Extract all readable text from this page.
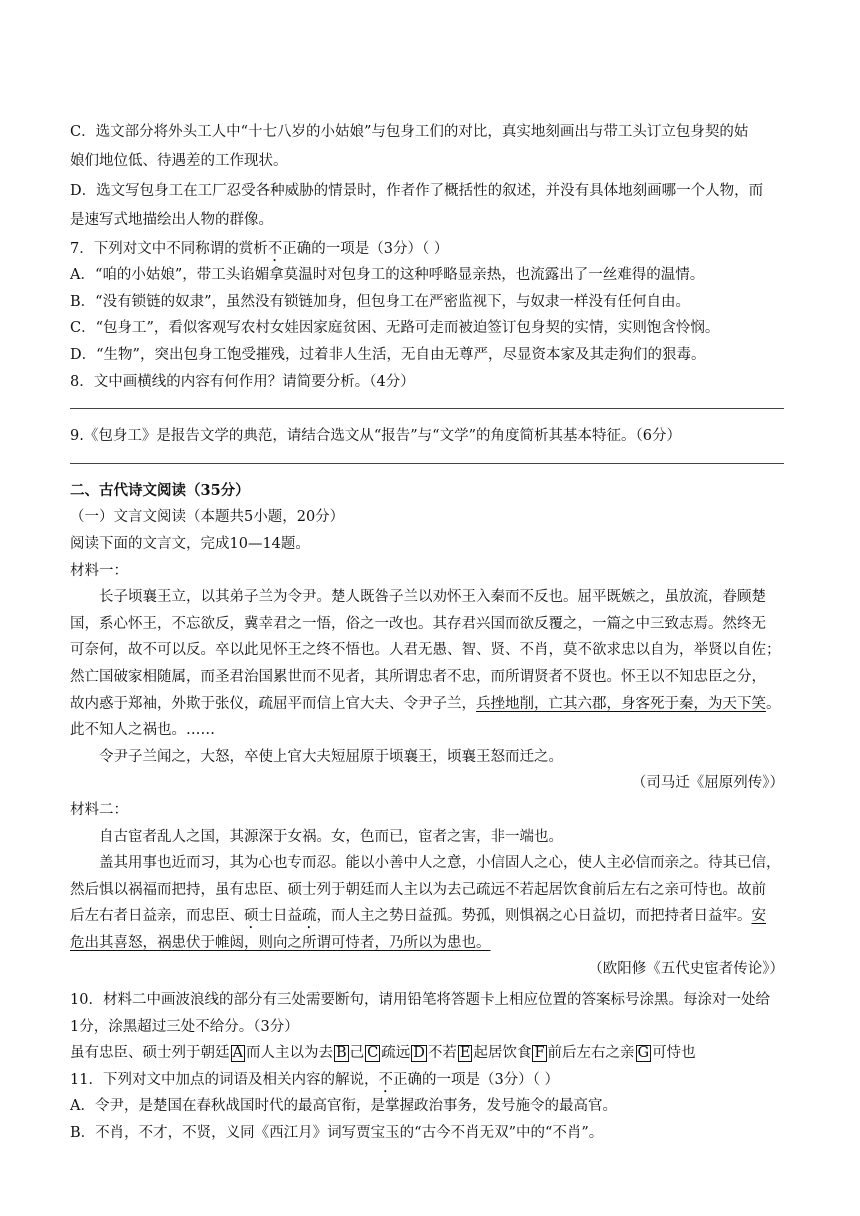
C．选文部分将外头工人中“十七八岁的小姑娘”与包身工们的对比，真实地刻画出与带工头订立包身契的姑
娘们地位低、待遇差的工作现状。
D．选文写包身工在工厂忍受各种威胁的情景时，作者作了概括性的叙述，并没有具体地刻画哪一个人物，而
是速写式地描绘出人物的群像。
7．下列对文中不同称谓的赏析不正确的一项是（3分）（ ）
A．“咱的小姑娘”，带工头谄媚拿莫温时对包身工的这种呼略显亲热，也流露出了一丝难得的温情。
B．“没有锁链的奴隶”，虽然没有锁链加身，但包身工在严密监视下，与奴隶一样没有任何自由。
C．“包身工”，看似客观写农村女娃因家庭贫困、无路可走而被迫签订包身契的实情，实则饱含怜悯。
D．“生物”，突出包身工饱受摧残，过着非人生活，无自由无尊严，尽显资本家及其走狗们的狠毒。
8．文中画横线的内容有何作用？请简要分析。（4分）
9.《包身工》是报告文学的典范，请结合选文从“报告”与“文学”的角度简析其基本特征。（6分）
二、古代诗文阅读（35分）
（一）文言文阅读（本题共5小题，20分）
阅读下面的文言文，完成10—14题。
材料一：
长子顷襄王立，以其弟子兰为令尹。楚人既咎子兰以劝怀王入秦而不反也。屈平既嫉之，虽放流，眷顾楚
国，系心怀王，不忘欲反，冀幸君之一悟，俗之一改也。其存君兴国而欲反覆之，一篇之中三致志焉。然终无
可奈何，故不可以反。卒以此见怀王之终不悟也。人君无愚、智、贤、不肖，莫不欲求忠以自为，举贤以自佐；
然亡国破家相随属，而圣君治国累世而不见者，其所谓忠者不忠，而所谓贤者不贤也。怀王以不知忠臣之分，
故内惑于郑袖，外欺于张仪，疏屈平而信上官大夫、令尹子兰，兵挫地削，亡其六郡，身客死于秦，为天下笑。
此不知人之祸也。……
令尹子兰闻之，大怒，卒使上官大夫短屈原于顷襄王，顷襄王怒而迁之。
（司马迁《屈原列传》）
材料二：
自古宦者乱人之国，其源深于女祸。女，色而已，宦者之害，非一端也。
盖其用事也近而习，其为心也专而忍。能以小善中人之意，小信固人之心，使人主必信而亲之。待其已信，
然后惧以祸福而把持，虽有忠臣、硕士列于朝廷而人主以为去己疏远不若起居饮食前后左右之亲可恃也。故前
后左右者日益亲，而忠臣、硕士日益疏，而人主之势日益孤。势孤，则惧祸之心日益切，而把持者日益牢。安
危出其喜怒，祸患伏于帷闼，则向之所谓可恃者，乃所以为患也。
（欧阳修《五代史宦者传论》）
10．材料二中画波浪线的部分有三处需要断句，请用铅笔将答题卡上相应位置的答案标号涂黑。每涂对一处给
1分，涂黑超过三处不给分。（3分）
虽有忠臣、硕士列于朝廷 A 而人主以为去 B 己 C 疏远 D 不若 E 起居饮食 F 前后左右之亲 G 可恃也
11．下列对文中加点的词语及相关内容的解说，不正确的一项是（3分）（ ）
A．令尹，是楚国在春秋战国时代的最高官衔，是掌握政治事务，发号施令的最高官。
B．不肖，不才，不贤，义同《西江月》词写贾宝玉的“古今不肖无双”中的“不肖”。
